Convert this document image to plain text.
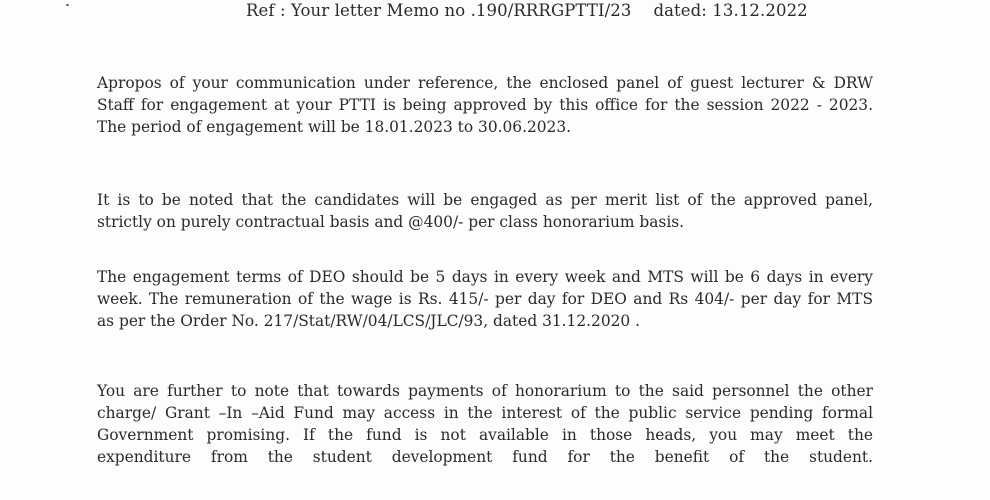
Ref : Your letter Memo no .190/RRRGPTTI/23 dated: 13.12.2022

Apropos of your communication under reference, the enclosed panel of guest lecturer & DRW
Staff for engagement at your PTTI is being approved by this office for the session 2022 - 2023.
The period of engagement will be 18.01.2023 to 30.06.2023.

It is to be noted that the candidates will be engaged as per merit list of the approved panel,
strictly on purely contractual basis and @400/- per class honorarium basis.

The engagement terms of DEO should be 5 days in every week and MTS will be 6 days in every
week. The remuneration of the wage is Rs. 415/- per day for DEO and Rs 404/- per day for MTS
as per the Order No. 217/Stat/RW/04/LCS/JLC/93, dated 31.12.2020 .

You are further to note that towards payments of honorarium to the said personnel the other
charge/ Grant –In –Aid Fund may access in the interest of the public service pending formal
Government promising. If the fund is not available in those heads, you may meet the
expenditure from the student development fund for the benefit of the student.
